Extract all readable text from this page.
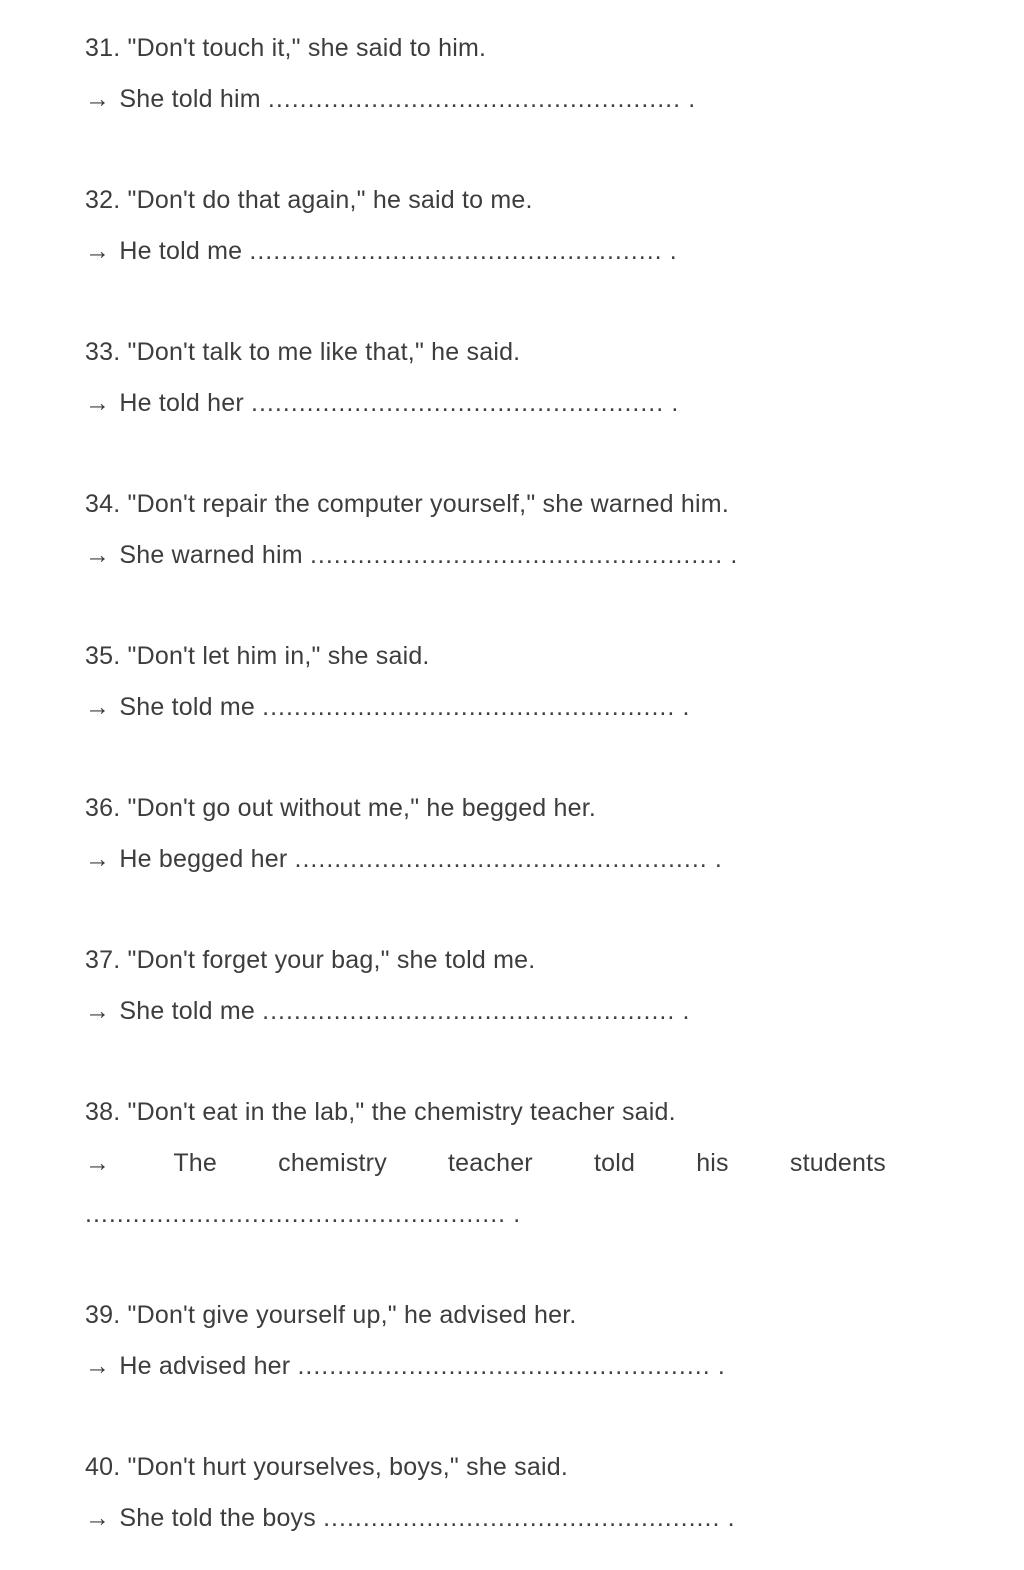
31. "Don't touch it," she said to him.
→ She told him .................................................... .
32. "Don't do that again," he said to me.
→ He told me .................................................... .
33. "Don't talk to me like that," he said.
→ He told her .................................................... .
34. "Don't repair the computer yourself," she warned him.
→ She warned him .................................................... .
35. "Don't let him in," she said.
→ She told me .................................................... .
36. "Don't go out without me," he begged her.
→ He begged her .................................................... .
37. "Don't forget your bag," she told me.
→ She told me .................................................... .
38. "Don't eat in the lab," the chemistry teacher said.
→	The chemistry teacher told his students
..................................................... .
39. "Don't give yourself up," he advised her.
→ He advised her .................................................... .
40. "Don't hurt yourselves, boys," she said.
→ She told the boys .................................................. .
